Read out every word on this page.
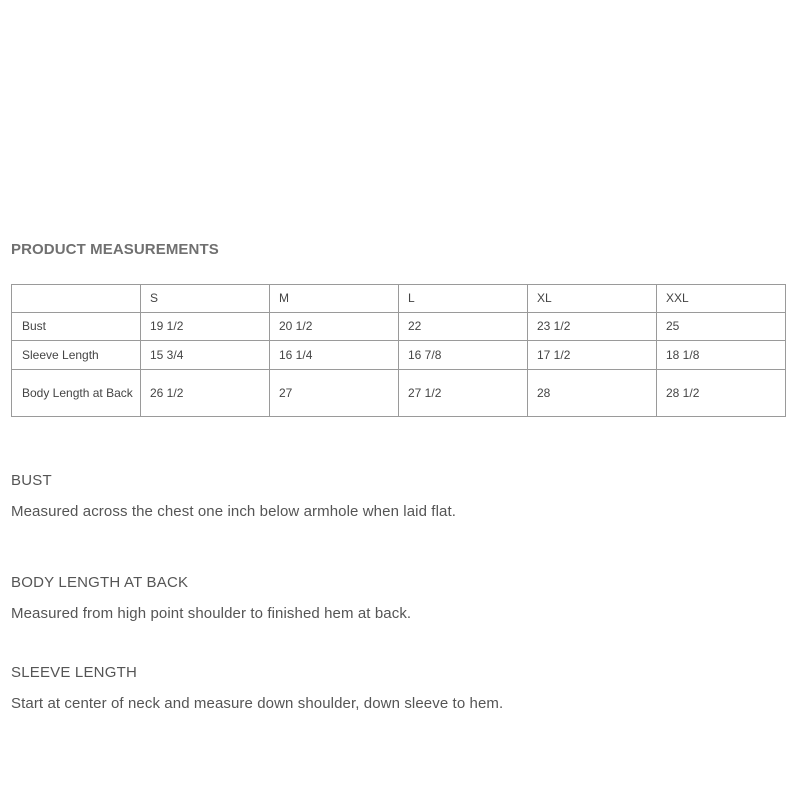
PRODUCT MEASUREMENTS
	S	M	L	XL	XXL
Bust	19 1/2	20 1/2	22	23 1/2	25
Sleeve Length	15 3/4	16 1/4	16 7/8	17 1/2	18 1/8
Body Length at Back	26 1/2	27	27 1/2	28	28 1/2
BUST
Measured across the chest one inch below armhole when laid flat.
BODY LENGTH AT BACK
Measured from high point shoulder to finished hem at back.
SLEEVE LENGTH
Start at center of neck and measure down shoulder, down sleeve to hem.
